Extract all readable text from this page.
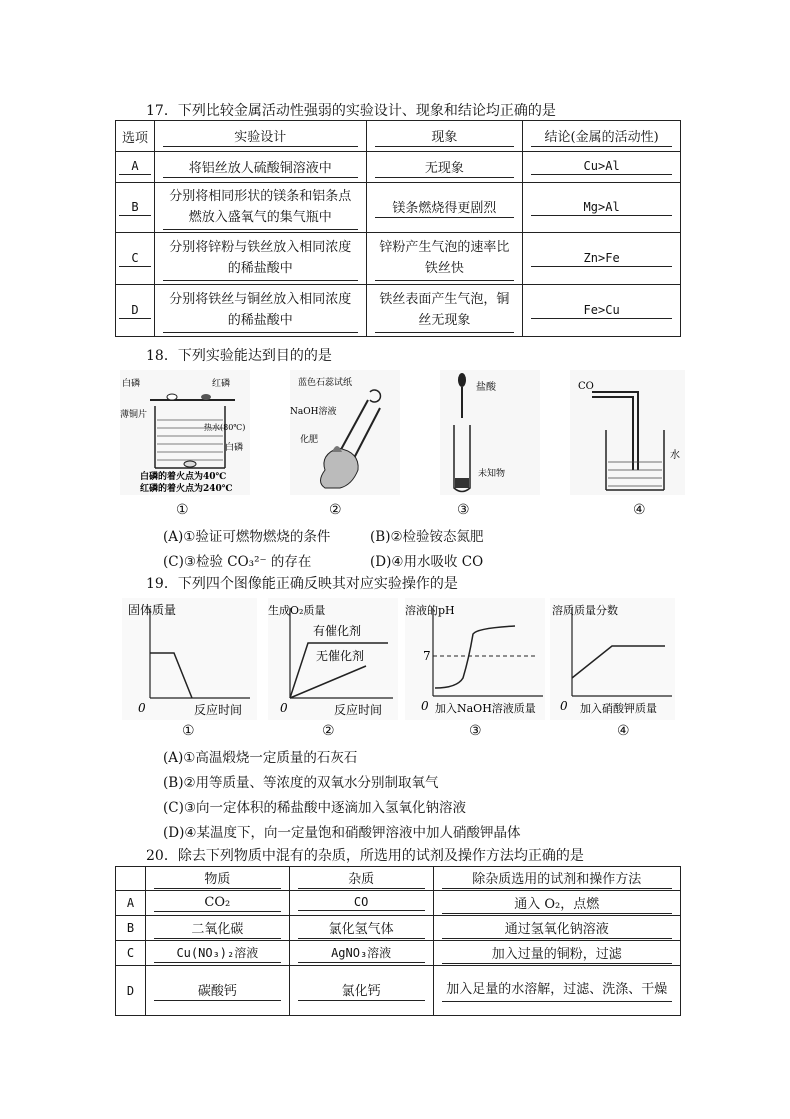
17．下列比较金属活动性强弱的实验设计、现象和结论均正确的是
选项	实验设计	现象	结论(金属的活动性)

A	将铝丝放人硫酸铜溶液中	无现象	Cu>Al

B	分别将相同形状的镁条和铝条点燃放入盛氧气的集气瓶中	镁条燃烧得更剧烈	Mg>Al

C	分别将锌粉与铁丝放入相同浓度的稀盐酸中	锌粉产生气泡的速率比铁丝快	Zn>Fe

D	分别将铁丝与铜丝放入相同浓度的稀盐酸中	铁丝表面产生气泡，铜丝无现象	Fe>Cu
18．下列实验能达到目的的是
白磷	红磷
薄铜片
热水(80℃)
白磷
白磷的着火点为40℃
红磷的着火点为240℃
蓝色石蕊试纸
NaOH溶液
化肥
盐酸
未知物
CO
水
①	②	③	④
(A)①验证可燃物燃烧的条件	(B)②检验铵态氮肥
(C)③检验 CO₃²⁻ 的存在	(D)④用水吸收 CO
19．下列四个图像能正确反映其对应实验操作的是
固体质量
0	反应时间
生成O₂质量
有催化剂
无催化剂
0	反应时间
溶液的pH
7
0 加入NaOH溶液质量
溶质质量分数
0 加入硝酸钾质量
①	②	③	④
(A)①高温煅烧一定质量的石灰石
(B)②用等质量、等浓度的双氧水分别制取氧气
(C)③向一定体积的稀盐酸中逐滴加入氢氧化钠溶液
(D)④某温度下，向一定量饱和硝酸钾溶液中加人硝酸钾晶体
20．除去下列物质中混有的杂质，所选用的试剂及操作方法均正确的是

	物质	杂质	除杂质选用的试剂和操作方法

A	CO₂	CO	通入 O₂，点燃

B	二氧化碳	氯化氢气体	通过氢氧化钠溶液

C	Cu(NO₃)₂溶液	AgNO₃溶液	加入过量的铜粉，过滤

D	碳酸钙	氯化钙	加入足量的水溶解，过滤、洗涤、干燥
